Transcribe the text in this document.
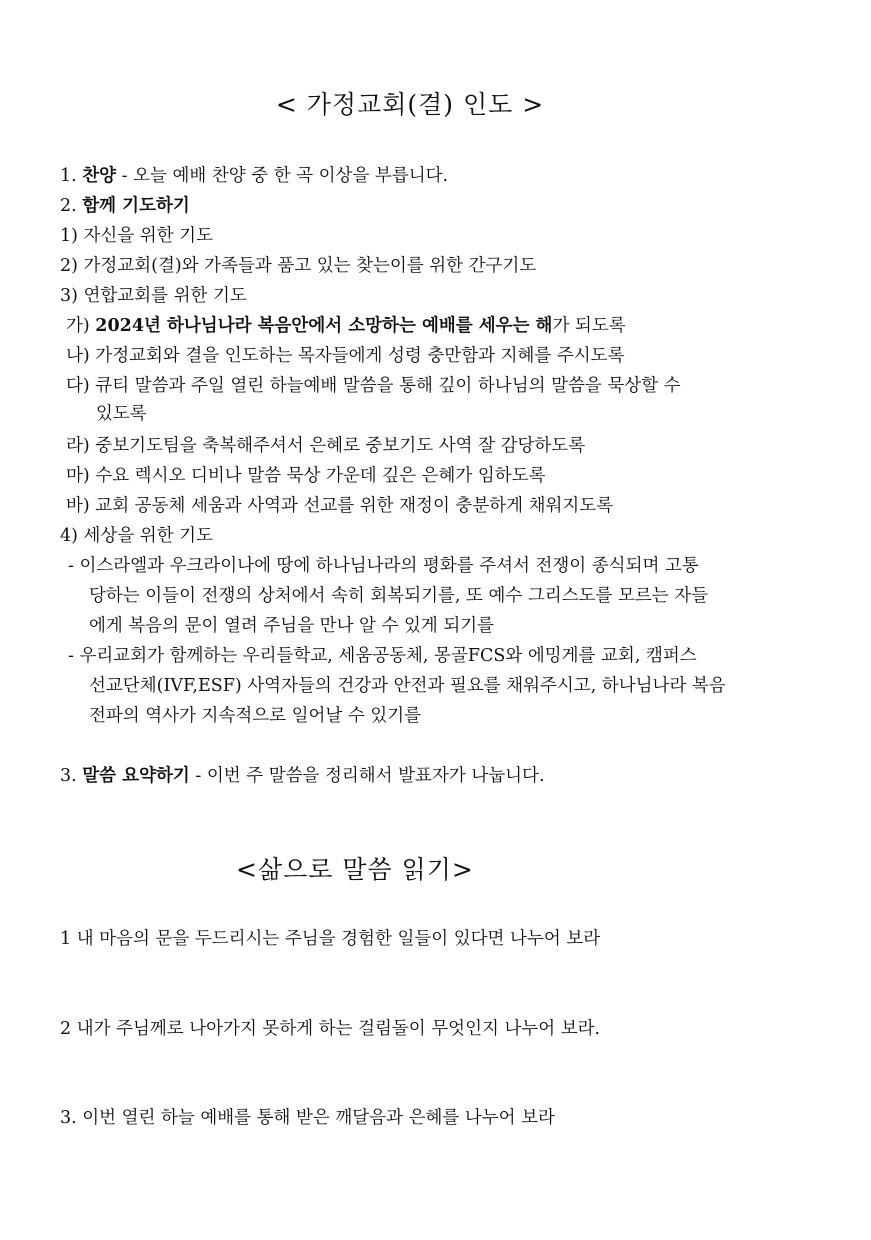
< 가정교회(결) 인도 >
1. 찬양 - 오늘 예배 찬양 중 한 곡 이상을 부릅니다.
2. 함께 기도하기
1) 자신을 위한 기도
2) 가정교회(결)와 가족들과 품고 있는 찾는이를 위한 간구기도
3) 연합교회를 위한 기도
가) 2024년 하나님나라 복음안에서 소망하는 예배를 세우는 해가 되도록
나) 가정교회와 결을 인도하는 목자들에게 성령 충만함과 지혜를 주시도록
다) 큐티 말씀과 주일 열린 하늘예배 말씀을 통해 깊이 하나님의 말씀을 묵상할 수
있도록
라) 중보기도팀을 축복해주셔서 은혜로 중보기도 사역 잘 감당하도록
마) 수요 렉시오 디비나 말씀 묵상 가운데 깊은 은혜가 임하도록
바) 교회 공동체 세움과 사역과 선교를 위한 재정이 충분하게 채워지도록
4) 세상을 위한 기도
- 이스라엘과 우크라이나에 땅에 하나님나라의 평화를 주셔서 전쟁이 종식되며 고통
당하는 이들이 전쟁의 상처에서 속히 회복되기를, 또 예수 그리스도를 모르는 자들
에게 복음의 문이 열려 주님을 만나 알 수 있게 되기를
- 우리교회가 함께하는 우리들학교, 세움공동체, 몽골FCS와 에밍게를 교회, 캠퍼스
선교단체(IVF,ESF) 사역자들의 건강과 안전과 필요를 채워주시고, 하나님나라 복음
전파의 역사가 지속적으로 일어날 수 있기를
3. 말씀 요약하기 - 이번 주 말씀을 정리해서 발표자가 나눕니다.
<삶으로 말씀 읽기>
1 내 마음의 문을 두드리시는 주님을 경험한 일들이 있다면 나누어 보라
2 내가 주님께로 나아가지 못하게 하는 걸림돌이 무엇인지 나누어 보라.
3. 이번 열린 하늘 예배를 통해 받은 깨달음과 은혜를 나누어 보라
